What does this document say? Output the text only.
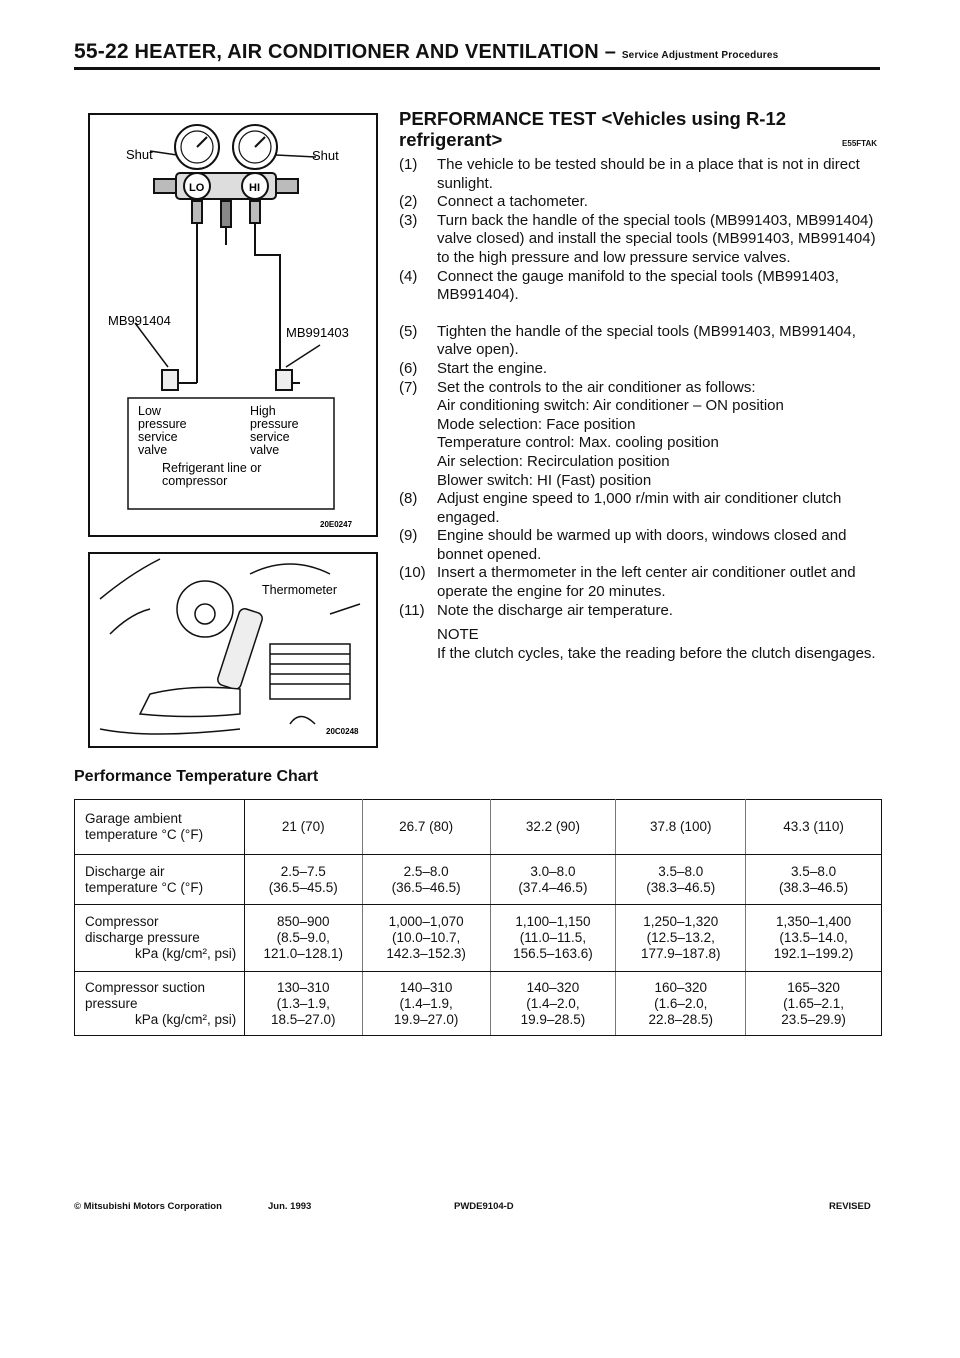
55-22 HEATER, AIR CONDITIONER AND VENTILATION – Service Adjustment Procedures
Shut	Shut
LO	HI
MB991404
MB991403
Low
pressure
service
valve
High
pressure
service
valve
Refrigerant line or
compressor
20E0247
Thermometer
20C0248
PERFORMANCE TEST <Vehicles using R-12
refrigerant>	E55FTAK
(1)	The vehicle to be tested should be in a place that is not in direct sunlight.
(2)	Connect a tachometer.
(3)	Turn back the handle of the special tools (MB991403, MB991404) valve closed) and install the special tools (MB991403, MB991404) to the high pressure and low pressure service valves.
(4)	Connect the gauge manifold to the special tools (MB991403, MB991404).
(5)	Tighten the handle of the special tools (MB991403, MB991404, valve open).
(6)	Start the engine.
(7)	Set the controls to the air conditioner as follows:
Air conditioning switch: Air conditioner – ON position
Mode selection: Face position
Temperature control: Max. cooling position
Air selection: Recirculation position
Blower switch: HI (Fast) position
(8)	Adjust engine speed to 1,000 r/min with air conditioner clutch engaged.
(9)	Engine should be warmed up with doors, windows closed and bonnet opened.
(10) Insert a thermometer in the left center air conditioner outlet and operate the engine for 20 minutes.
(11) Note the discharge air temperature.
NOTE
If the clutch cycles, take the reading before the clutch disengages.
Performance Temperature Chart
Garage ambient
temperature °C (°F)	21 (70)	26.7 (80)	32.2 (90)	37.8 (100)	43.3 (110)
Discharge air
temperature °C (°F)	2.5–7.5
(36.5–45.5)	2.5–8.0
(36.5–46.5)	3.0–8.0
(37.4–46.5)	3.5–8.0
(38.3–46.5)	3.5–8.0
(38.3–46.5)
Compressor
discharge pressure

kPa (kg/cm², psi)	850–900
(8.5–9.0,
121.0–128.1)	1,000–1,070
(10.0–10.7,
142.3–152.3)	1,100–1,150
(11.0–11.5,
156.5–163.6)	1,250–1,320
(12.5–13.2,
177.9–187.8)	1,350–1,400
(13.5–14.0,
192.1–199.2)
Compressor suction
pressure

kPa (kg/cm², psi)	130–310
(1.3–1.9,
18.5–27.0)	140–310
(1.4–1.9,
19.9–27.0)	140–320
(1.4–2.0,
19.9–28.5)	160–320
(1.6–2.0,
22.8–28.5)	165–320
(1.65–2.1,
23.5–29.9)
© Mitsubishi Motors Corporation	Jun. 1993	PWDE9104-D	REVISED
